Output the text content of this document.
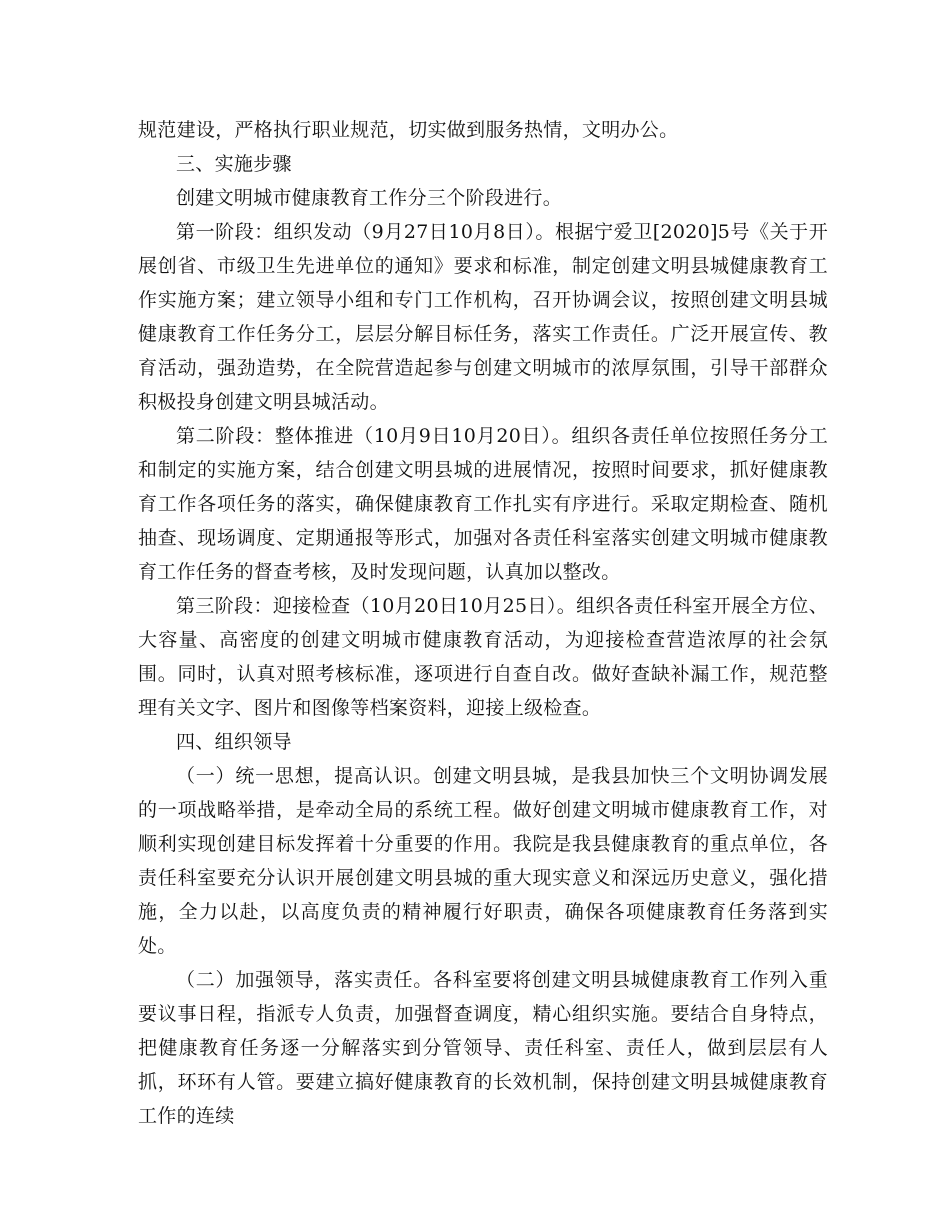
规范建设，严格执行职业规范，切实做到服务热情，文明办公。

三、实施步骤

创建文明城市健康教育工作分三个阶段进行。

第一阶段：组织发动（9月27日10月8日）。根据宁爱卫[2020]5号《关于开展创省、市级卫生先进单位的通知》要求和标准，制定创建文明县城健康教育工作实施方案；建立领导小组和专门工作机构，召开协调会议，按照创建文明县城健康教育工作任务分工，层层分解目标任务，落实工作责任。广泛开展宣传、教育活动，强劲造势，在全院营造起参与创建文明城市的浓厚氛围，引导干部群众积极投身创建文明县城活动。

第二阶段：整体推进（10月9日10月20日）。组织各责任单位按照任务分工和制定的实施方案，结合创建文明县城的进展情况，按照时间要求，抓好健康教育工作各项任务的落实，确保健康教育工作扎实有序进行。采取定期检查、随机抽查、现场调度、定期通报等形式，加强对各责任科室落实创建文明城市健康教育工作任务的督查考核，及时发现问题，认真加以整改。

第三阶段：迎接检查（10月20日10月25日）。组织各责任科室开展全方位、大容量、高密度的创建文明城市健康教育活动，为迎接检查营造浓厚的社会氛围。同时，认真对照考核标准，逐项进行自查自改。做好查缺补漏工作，规范整理有关文字、图片和图像等档案资料，迎接上级检查。

四、组织领导

（一）统一思想，提高认识。创建文明县城，是我县加快三个文明协调发展的一项战略举措，是牵动全局的系统工程。做好创建文明城市健康教育工作，对顺利实现创建目标发挥着十分重要的作用。我院是我县健康教育的重点单位，各责任科室要充分认识开展创建文明县城的重大现实意义和深远历史意义，强化措施，全力以赴，以高度负责的精神履行好职责，确保各项健康教育任务落到实处。

（二）加强领导，落实责任。各科室要将创建文明县城健康教育工作列入重要议事日程，指派专人负责，加强督查调度，精心组织实施。要结合自身特点，把健康教育任务逐一分解落实到分管领导、责任科室、责任人，做到层层有人抓，环环有人管。要建立搞好健康教育的长效机制，保持创建文明县城健康教育工作的连续
